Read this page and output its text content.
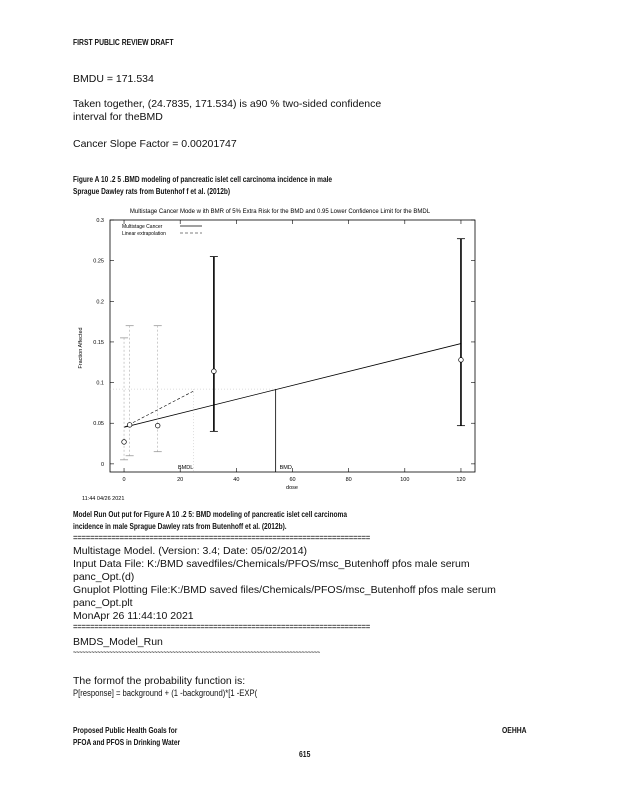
FIRST PUBLIC REVIEW DRAFT
BMDU = 171.534
Taken together, (24.7835, 171.534) is a90 % two-sided confidence
interval for theBMD
Cancer Slope Factor = 0.00201747
Figure A 10 .2 5 .BMD modeling of pancreatic islet cell carcinoma incidence in male
Sprague Dawley rats from Butenhof f et al. (2012b)
Multistage Cancer Mode w ith BMR of 5% Extra Risk for the BMD and 0.95 Lower Confidence Limit for the BMDL
0	20	40	60	80	100	120
0
0.05
0.1
0.15
0.2
0.25
0.3
BMDL	BMD
Multistage Cancer
Linear extrapolation
dose
Fraction Affected
11:44 04/26 2021
Model Run Out put for Figure A 10 .2 5: BMD modeling of pancreatic islet cell carcinoma
incidence in male Sprague Dawley rats from Butenhoff et al. (2012b).
======================================================================
Multistage Model. (Version: 3.4; Date: 05/02/2014)
Input Data File: K:/BMD savedfiles/Chemicals/PFOS/msc_Butenhoff pfos male serum
panc_Opt.(d)
Gnuplot Plotting File:K:/BMD saved files/Chemicals/PFOS/msc_Butenhoff pfos male serum
panc_Opt.plt
MonApr 26 11:44:10 2021
======================================================================
BMDS_Model_Run
~~~~~~~~~~~~~~~~~~~~~~~~~~~~~~~~~~~~~~~~~~~~~~~~~~~~~~~~~~~~~~~~~~~~~~~~~~~~~~~~~~
The formof the probability function is:
P[response] = background + (1 -background)*[1 -EXP(
Proposed Public Health Goals for	OEHHA
PFOA and PFOS in Drinking Water
615
